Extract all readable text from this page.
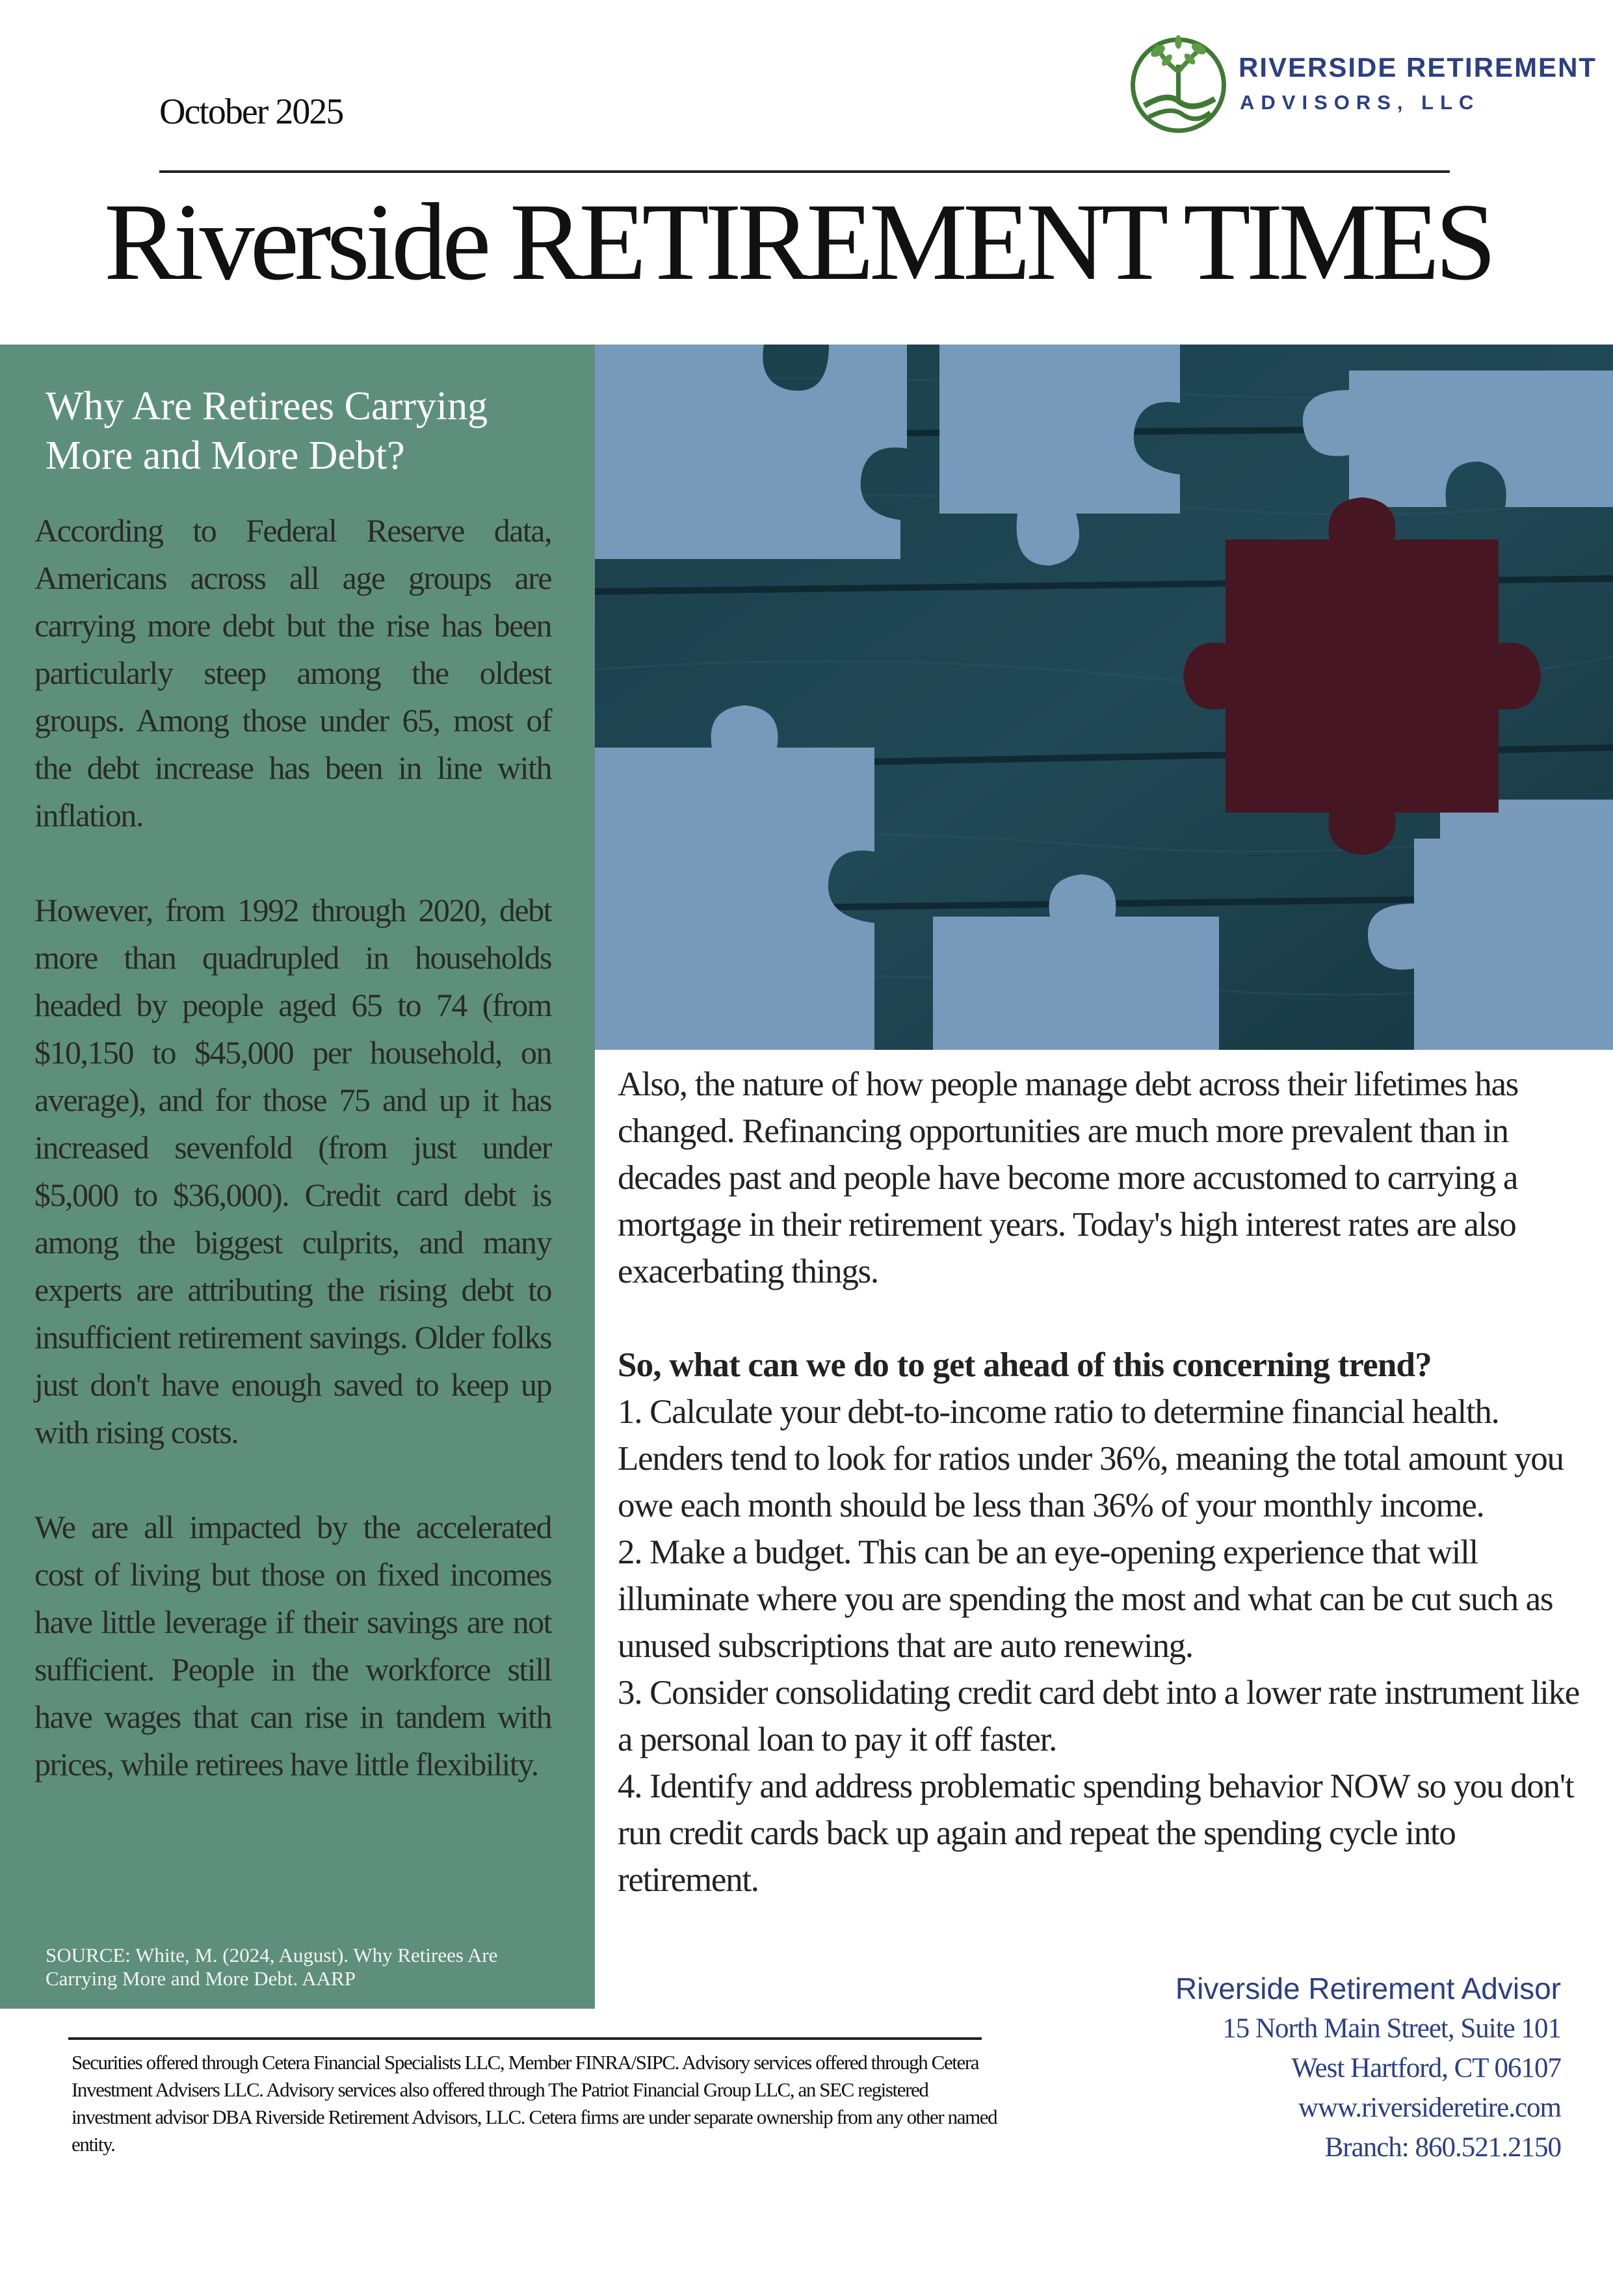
October 2025
RIVERSIDE RETIREMENT
ADVISORS, LLC
Riverside RETIREMENT TIMES
Why Are Retirees Carrying
More and More Debt?

According to Federal Reserve data, Americans across all age groups are carrying more debt but the rise has been particularly steep among the oldest groups. Among those under 65, most of the debt increase has been in line with inflation.

However, from 1992 through 2020, debt more than quadrupled in households headed by people aged 65 to 74 (from $10,150 to $45,000 per household, on average), and for those 75 and up it has increased sevenfold (from just under $5,000 to $36,000). Credit card debt is among the biggest culprits, and many experts are attributing the rising debt to insufficient retirement savings. Older folks just don't have enough saved to keep up with rising costs.

We are all impacted by the accelerated cost of living but those on fixed incomes have little leverage if their savings are not sufficient. People in the workforce still have wages that can rise in tandem with prices, while retirees have little flexibility.

SOURCE: White, M. (2024, August). Why Retirees Are
Carrying More and More Debt. AARP

Also, the nature of how people manage debt across their lifetimes has changed. Refinancing opportunities are much more prevalent than in decades past and people have become more accustomed to carrying a mortgage in their retirement years. Today's high interest rates are also exacerbating things.

So, what can we do to get ahead of this concerning trend?

1. Calculate your debt-to-income ratio to determine financial health. Lenders tend to look for ratios under 36%, meaning the total amount you owe each month should be less than 36% of your monthly income.

2. Make a budget. This can be an eye-opening experience that will illuminate where you are spending the most and what can be cut such as unused subscriptions that are auto renewing.

3. Consider consolidating credit card debt into a lower rate instrument like a personal loan to pay it off faster.

4. Identify and address problematic spending behavior NOW so you don't run credit cards back up again and repeat the spending cycle into retirement.

Securities offered through Cetera Financial Specialists LLC, Member FINRA/SIPC. Advisory services offered through Cetera Investment Advisers LLC. Advisory services also offered through The Patriot Financial Group LLC, an SEC registered investment advisor DBA Riverside Retirement Advisors, LLC. Cetera firms are under separate ownership from any other named entity.
Riverside Retirement Advisor
15 North Main Street, Suite 101
West Hartford, CT 06107
www.riversideretire.com
Branch: 860.521.2150
